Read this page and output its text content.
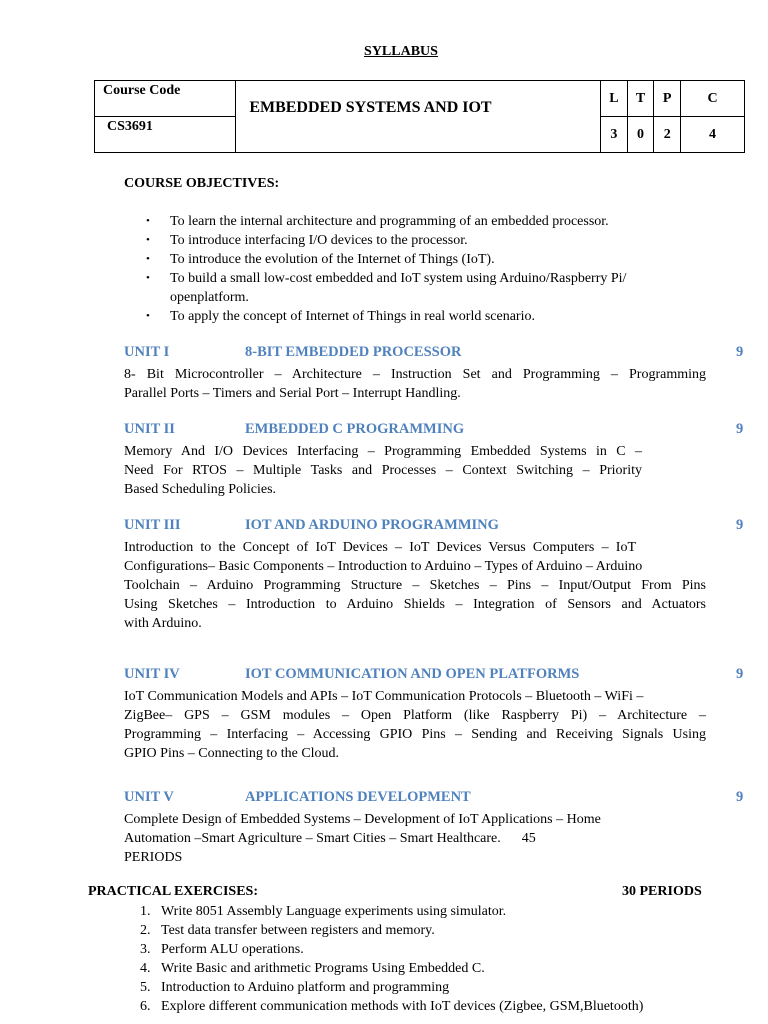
SYLLABUS
Course Code	EMBEDDED SYSTEMS AND IOT	L	T	P	C
CS3691		3	0	2	4
COURSE OBJECTIVES:
• To learn the internal architecture and programming of an embedded processor.
• To introduce interfacing I/O devices to the processor.
• To introduce the evolution of the Internet of Things (IoT).
• To build a small low-cost embedded and IoT system using Arduino/Raspberry Pi/
openplatform.
• To apply the concept of Internet of Things in real world scenario.
UNIT I	8-BIT EMBEDDED PROCESSOR	9
8- Bit Microcontroller – Architecture – Instruction Set and Programming – Programming
Parallel Ports – Timers and Serial Port – Interrupt Handling.
UNIT II	EMBEDDED C PROGRAMMING	9
Memory And I/O Devices Interfacing – Programming Embedded Systems in C –
Need For RTOS – Multiple Tasks and Processes – Context Switching – Priority
Based Scheduling Policies.
UNIT III	IOT AND ARDUINO PROGRAMMING	9
Introduction to the Concept of IoT Devices – IoT Devices Versus Computers – IoT
Configurations– Basic Components – Introduction to Arduino – Types of Arduino – Arduino
Toolchain – Arduino Programming Structure – Sketches – Pins – Input/Output From Pins
Using Sketches – Introduction to Arduino Shields – Integration of Sensors and Actuators
with Arduino.
UNIT IV	IOT COMMUNICATION AND OPEN PLATFORMS	9
IoT Communication Models and APIs – IoT Communication Protocols – Bluetooth – WiFi –
ZigBee– GPS – GSM modules – Open Platform (like Raspberry Pi) – Architecture –
Programming – Interfacing – Accessing GPIO Pins – Sending and Receiving Signals Using
GPIO Pins – Connecting to the Cloud.
UNIT V	APPLICATIONS DEVELOPMENT	9
Complete Design of Embedded Systems – Development of IoT Applications – Home
Automation –Smart Agriculture – Smart Cities – Smart Healthcare.      45
PERIODS
PRACTICAL EXERCISES:	30 PERIODS
1. Write 8051 Assembly Language experiments using simulator.
2. Test data transfer between registers and memory.
3. Perform ALU operations.
4. Write Basic and arithmetic Programs Using Embedded C.
5. Introduction to Arduino platform and programming
6. Explore different communication methods with IoT devices (Zigbee, GSM,Bluetooth)
